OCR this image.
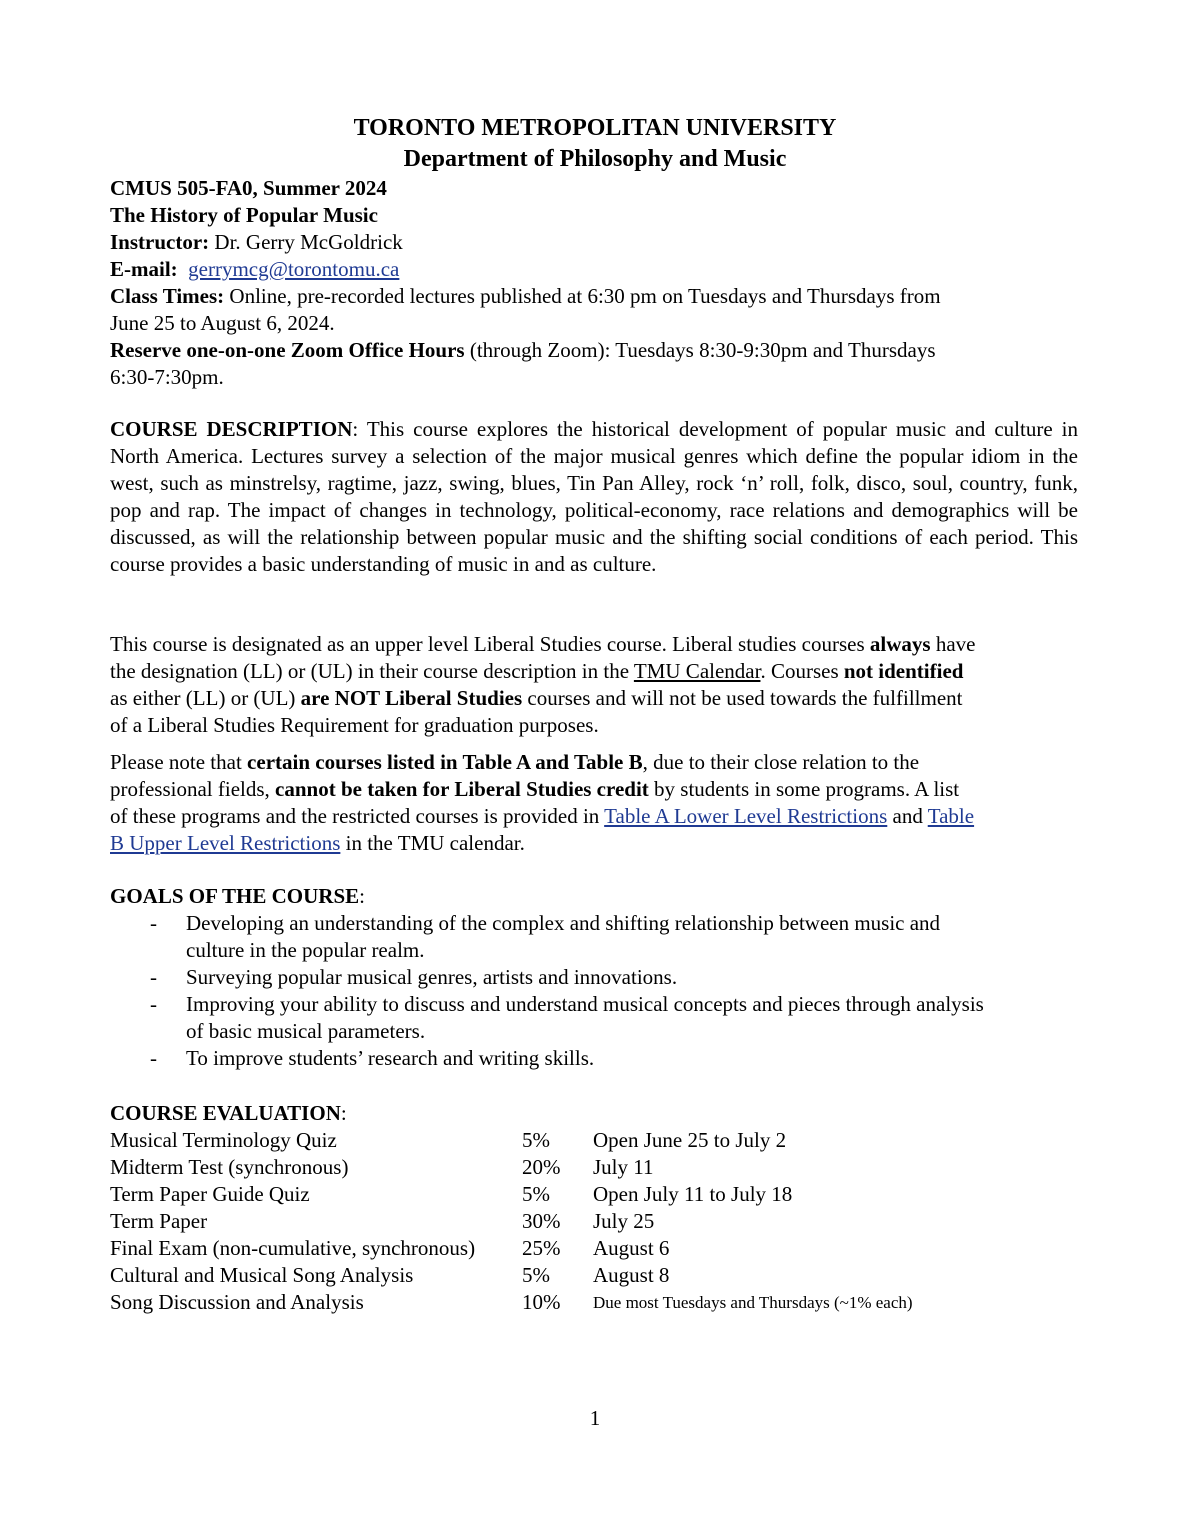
TORONTO METROPOLITAN UNIVERSITY
Department of Philosophy and Music
CMUS 505-FA0, Summer 2024
The History of Popular Music
Instructor: Dr. Gerry McGoldrick
E-mail: gerrymcg@torontomu.ca
Class Times: Online, pre-recorded lectures published at 6:30 pm on Tuesdays and Thursdays from
June 25 to August 6, 2024.
Reserve one-on-one Zoom Office Hours (through Zoom): Tuesdays 8:30-9:30pm and Thursdays
6:30-7:30pm.
COURSE DESCRIPTION: This course explores the historical development of popular music and culture in North America. Lectures survey a selection of the major musical genres which define the popular idiom in the west, such as minstrelsy, ragtime, jazz, swing, blues, Tin Pan Alley, rock ‘n’ roll, folk, disco, soul, country, funk, pop and rap. The impact of changes in technology, political-economy, race relations and demographics will be discussed, as will the relationship between popular music and the shifting social conditions of each period. This course provides a basic understanding of music in and as culture.
This course is designated as an upper level Liberal Studies course. Liberal studies courses always have
the designation (LL) or (UL) in their course description in the TMU Calendar. Courses not identified
as either (LL) or (UL) are NOT Liberal Studies courses and will not be used towards the fulfillment
of a Liberal Studies Requirement for graduation purposes.
Please note that certain courses listed in Table A and Table B, due to their close relation to the
professional fields, cannot be taken for Liberal Studies credit by students in some programs. A list
of these programs and the restricted courses is provided in Table A Lower Level Restrictions and Table
B Upper Level Restrictions in the TMU calendar.
GOALS OF THE COURSE:
- Developing an understanding of the complex and shifting relationship between music and
culture in the popular realm.
- Surveying popular musical genres, artists and innovations.
- Improving your ability to discuss and understand musical concepts and pieces through analysis
of basic musical parameters.
- To improve students’ research and writing skills.
COURSE EVALUATION:
Musical Terminology Quiz	5%	Open June 25 to July 2
Midterm Test (synchronous)	20%	July 11
Term Paper Guide Quiz	5%	Open July 11 to July 18
Term Paper	30%	July 25
Final Exam (non-cumulative, synchronous)	25%	August 6
Cultural and Musical Song Analysis	5%	August 8
Song Discussion and Analysis	10%	Due most Tuesdays and Thursdays (~1% each)
1
